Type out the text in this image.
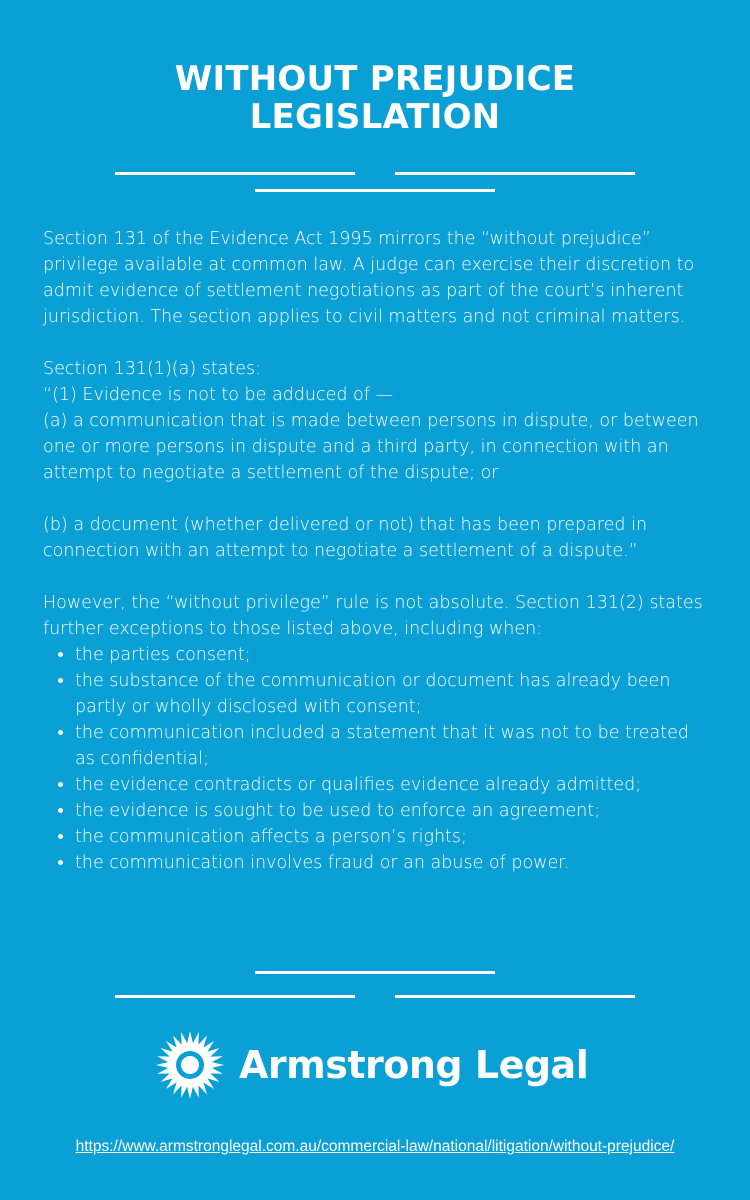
WITHOUT PREJUDICE
LEGISLATION

Section 131 of the Evidence Act 1995 mirrors the “without prejudice” privilege available at common law. A judge can exercise their discretion to admit evidence of settlement negotiations as part of the court’s inherent jurisdiction. The section applies to civil matters and not criminal matters.

Section 131(1)(a) states:

“(1) Evidence is not to be adduced of —

(a) a communication that is made between persons in dispute, or between one or more persons in dispute and a third party, in connection with an attempt to negotiate a settlement of the dispute; or

(b) a document (whether delivered or not) that has been prepared in connection with an attempt to negotiate a settlement of a dispute.”

However, the “without privilege” rule is not absolute. Section 131(2) states further exceptions to those listed above, including when:

• the parties consent;
• the substance of the communication or document has already been partly or wholly disclosed with consent;
• the communication included a statement that it was not to be treated as confidential;
• the evidence contradicts or qualifies evidence already admitted;
• the evidence is sought to be used to enforce an agreement;
• the communication affects a person’s rights;
• the communication involves fraud or an abuse of power.
Armstrong Legal
https://www.armstronglegal.com.au/commercial-law/national/litigation/without-prejudice/
